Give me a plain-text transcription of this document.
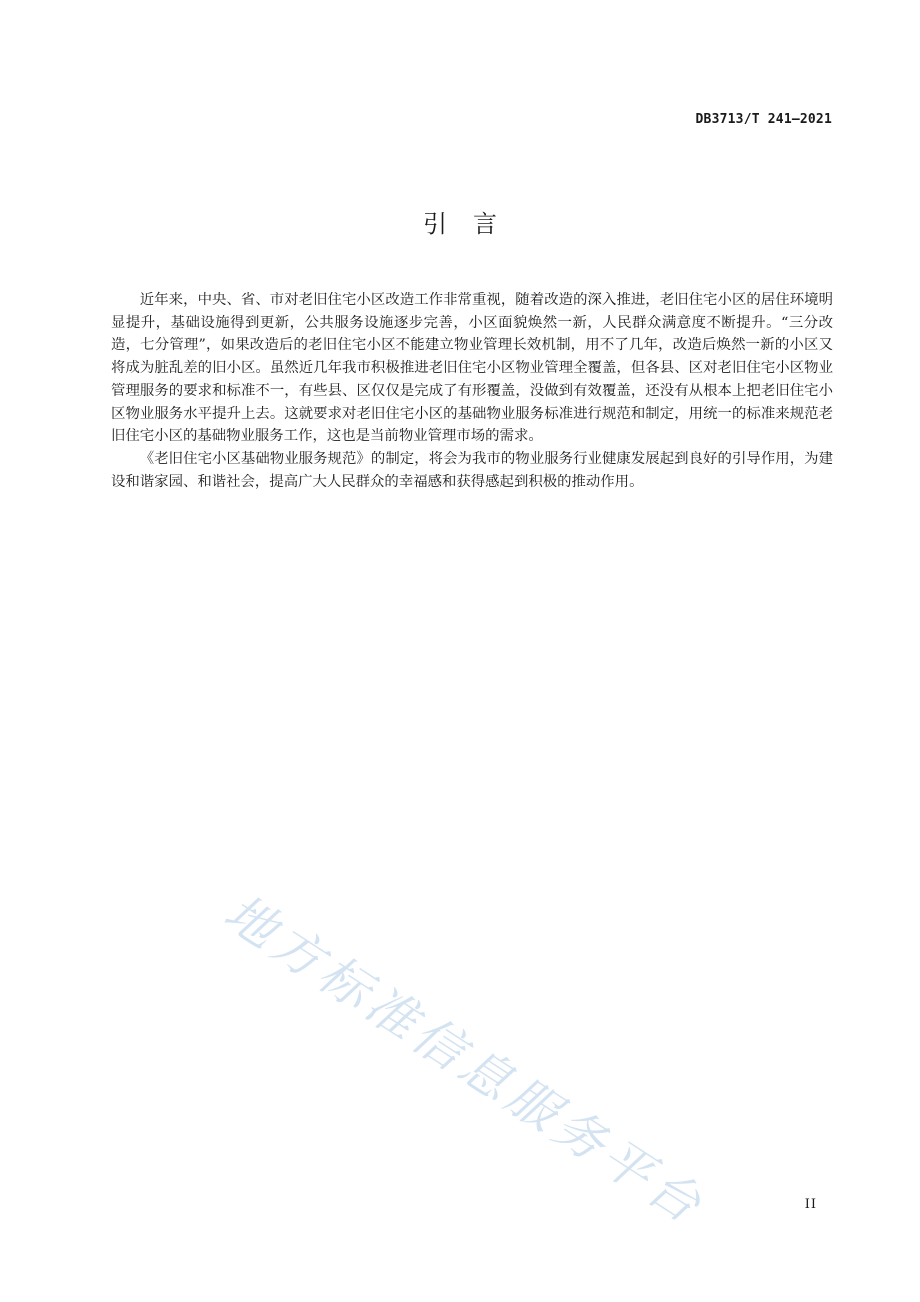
DB3713/T 241—2021
引言

近年来，中央、省、市对老旧住宅小区改造工作非常重视，随着改造的深入推进，老旧住宅小区的居住环境明显提升，基础设施得到更新，公共服务设施逐步完善，小区面貌焕然一新，人民群众满意度不断提升。“三分改造，七分管理”，如果改造后的老旧住宅小区不能建立物业管理长效机制，用不了几年，改造后焕然一新的小区又将成为脏乱差的旧小区。虽然近几年我市积极推进老旧住宅小区物业管理全覆盖，但各县、区对老旧住宅小区物业管理服务的要求和标准不一，有些县、区仅仅是完成了有形覆盖，没做到有效覆盖，还没有从根本上把老旧住宅小区物业服务水平提升上去。这就要求对老旧住宅小区的基础物业服务标准进行规范和制定，用统一的标准来规范老旧住宅小区的基础物业服务工作，这也是当前物业管理市场的需求。

《老旧住宅小区基础物业服务规范》的制定，将会为我市的物业服务行业健康发展起到良好的引导作用，为建设和谐家园、和谐社会，提高广大人民群众的幸福感和获得感起到积极的推动作用。

地方标准信息服务平台	II
